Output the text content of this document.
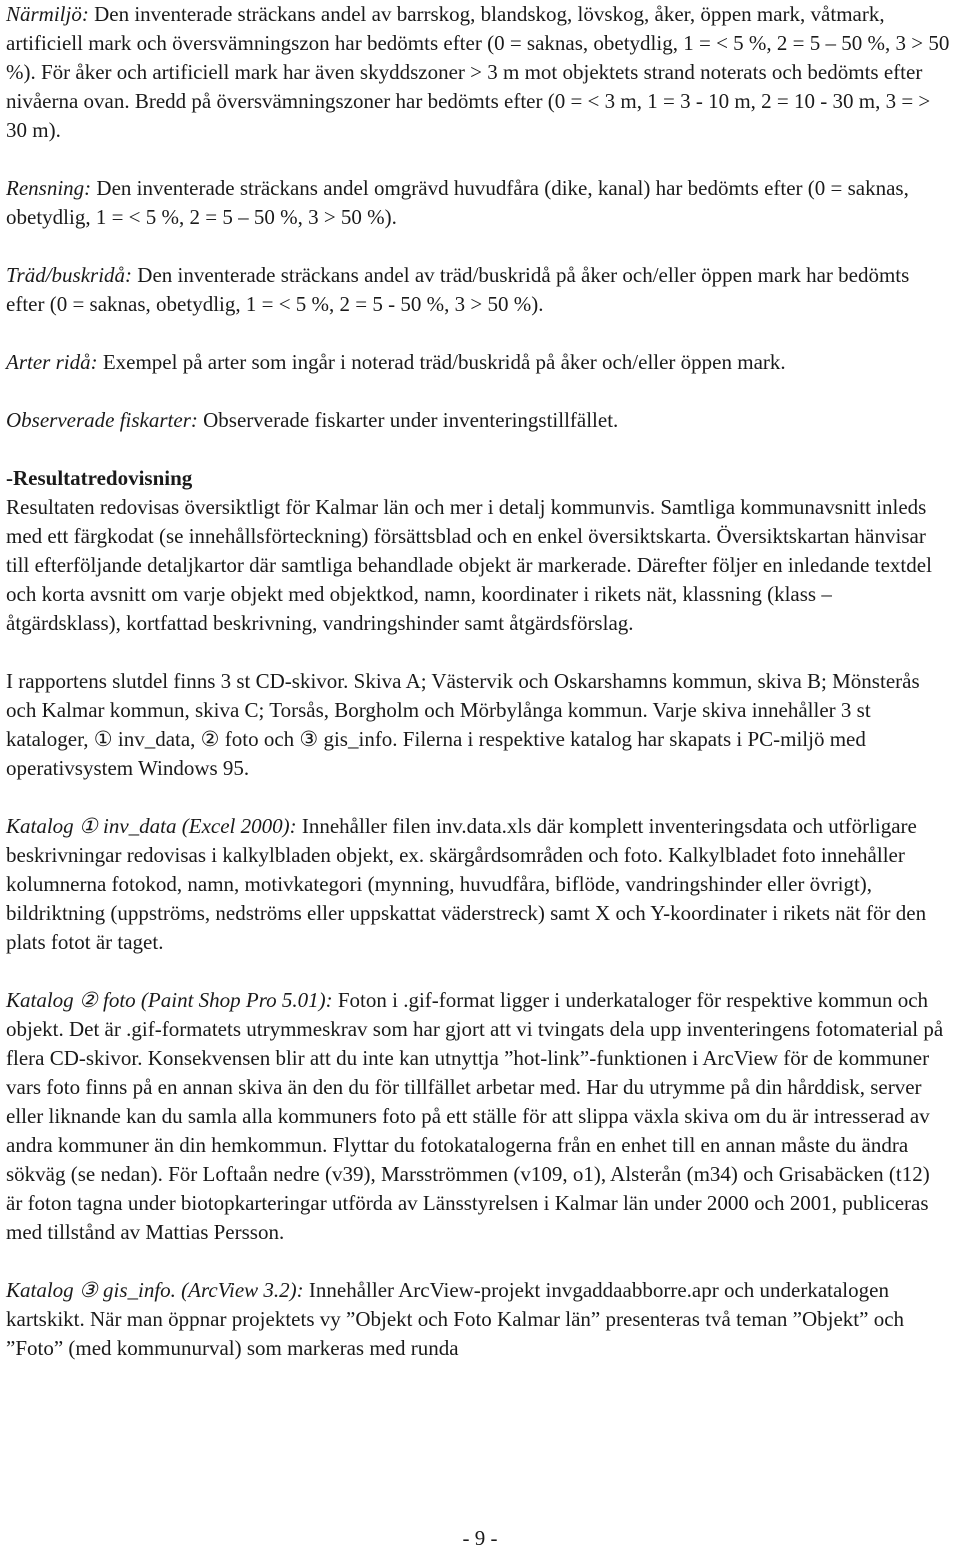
Närmiljö: Den inventerade sträckans andel av barrskog, blandskog, lövskog, åker, öppen mark, våtmark, artificiell mark och översvämningszon har bedömts efter (0 = saknas, obetydlig, 1 = < 5 %, 2 = 5 – 50 %, 3 > 50 %). För åker och artificiell mark har även skyddszoner > 3 m mot objektets strand noterats och bedömts efter nivåerna ovan. Bredd på översvämningszoner har bedömts efter (0 = < 3 m, 1 = 3 - 10 m, 2 = 10 - 30 m, 3 = > 30 m).

Rensning: Den inventerade sträckans andel omgrävd huvudfåra (dike, kanal) har bedömts efter (0 = saknas, obetydlig, 1 = < 5 %, 2 = 5 – 50 %, 3 > 50 %).

Träd/buskridå: Den inventerade sträckans andel av träd/buskridå på åker och/eller öppen mark har bedömts efter (0 = saknas, obetydlig, 1 = < 5 %, 2 = 5 - 50 %, 3 > 50 %).

Arter ridå: Exempel på arter som ingår i noterad träd/buskridå på åker och/eller öppen mark.

Observerade fiskarter: Observerade fiskarter under inventeringstillfället.

-Resultatredovisning

Resultaten redovisas översiktligt för Kalmar län och mer i detalj kommunvis. Samtliga kommunavsnitt inleds med ett färgkodat (se innehållsförteckning) försättsblad och en enkel översiktskarta. Översiktskartan hänvisar till efterföljande detaljkartor där samtliga behandlade objekt är markerade. Därefter följer en inledande textdel och korta avsnitt om varje objekt med objektkod, namn, koordinater i rikets nät, klassning (klass – åtgärdsklass), kortfattad beskrivning, vandringshinder samt åtgärdsförslag.

I rapportens slutdel finns 3 st CD-skivor. Skiva A; Västervik och Oskarshamns kommun, skiva B; Mönsterås och Kalmar kommun, skiva C; Torsås, Borgholm och Mörbylånga kommun. Varje skiva innehåller 3 st kataloger, ① inv_data, ② foto och ③ gis_info. Filerna i respektive katalog har skapats i PC-miljö med operativsystem Windows 95.

Katalog ① inv_data (Excel 2000): Innehåller filen inv.data.xls där komplett inventeringsdata och utförligare beskrivningar redovisas i kalkylbladen objekt, ex. skärgårdsområden och foto. Kalkylbladet foto innehåller kolumnerna fotokod, namn, motivkategori (mynning, huvudfåra, biflöde, vandringshinder eller övrigt), bildriktning (uppströms, nedströms eller uppskattat väderstreck) samt X och Y-koordinater i rikets nät för den plats fotot är taget.

Katalog ② foto (Paint Shop Pro 5.01): Foton i .gif-format ligger i underkataloger för respektive kommun och objekt. Det är .gif-formatets utrymmeskrav som har gjort att vi tvingats dela upp inventeringens fotomaterial på flera CD-skivor. Konsekvensen blir att du inte kan utnyttja ”hot-link”-funktionen i ArcView för de kommuner vars foto finns på en annan skiva än den du för tillfället arbetar med. Har du utrymme på din hårddisk, server eller liknande kan du samla alla kommuners foto på ett ställe för att slippa växla skiva om du är intresserad av andra kommuner än din hemkommun. Flyttar du fotokatalogerna från en enhet till en annan måste du ändra sökväg (se nedan). För Loftaån nedre (v39), Marsströmmen (v109, o1), Alsterån (m34) och Grisabäcken (t12) är foton tagna under biotopkarteringar utförda av Länsstyrelsen i Kalmar län under 2000 och 2001, publiceras med tillstånd av Mattias Persson.

Katalog ③ gis_info. (ArcView 3.2): Innehåller ArcView-projekt invgaddaabborre.apr och underkatalogen kartskikt. När man öppnar projektets vy ”Objekt och Foto Kalmar län” presenteras två teman ”Objekt” och ”Foto” (med kommunurval) som markeras med runda

- 9 -
